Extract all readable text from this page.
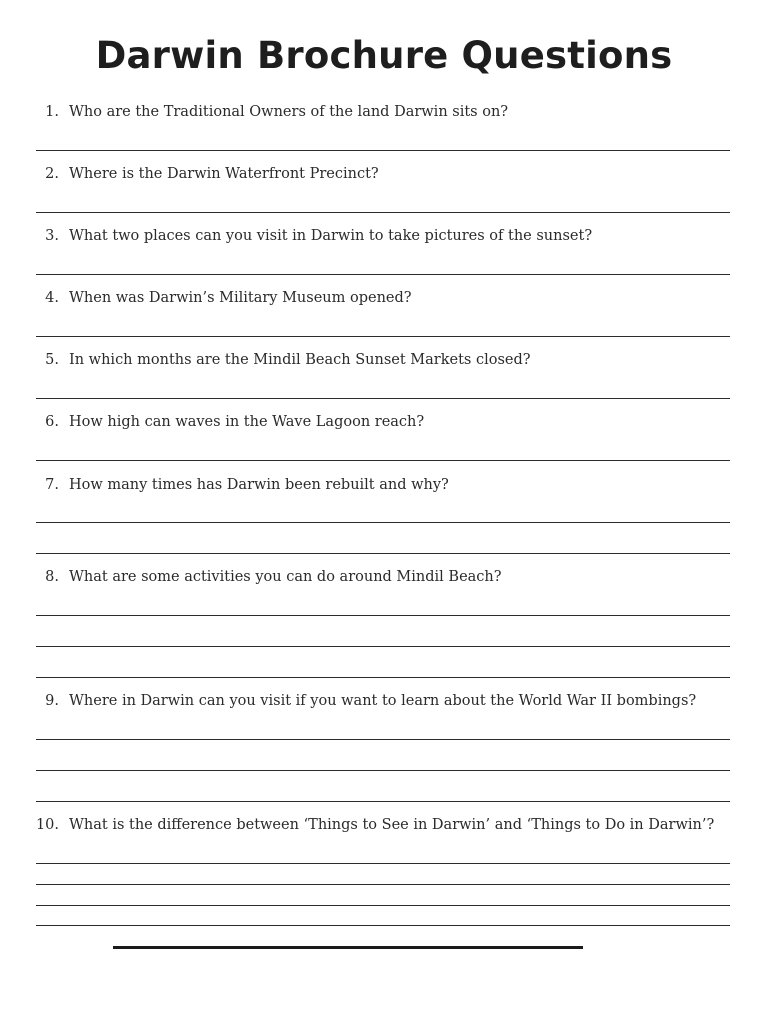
Darwin Brochure Questions
1. Who are the Traditional Owners of the land Darwin sits on?
2. Where is the Darwin Waterfront Precinct?
3. What two places can you visit in Darwin to take pictures of the sunset?
4. When was Darwin’s Military Museum opened?
5. In which months are the Mindil Beach Sunset Markets closed?
6. How high can waves in the Wave Lagoon reach?
7. How many times has Darwin been rebuilt and why?
8. What are some activities you can do around Mindil Beach?
9. Where in Darwin can you visit if you want to learn about the World War II bombings?
10. What is the difference between ‘Things to See in Darwin’ and ‘Things to Do in Darwin’?
